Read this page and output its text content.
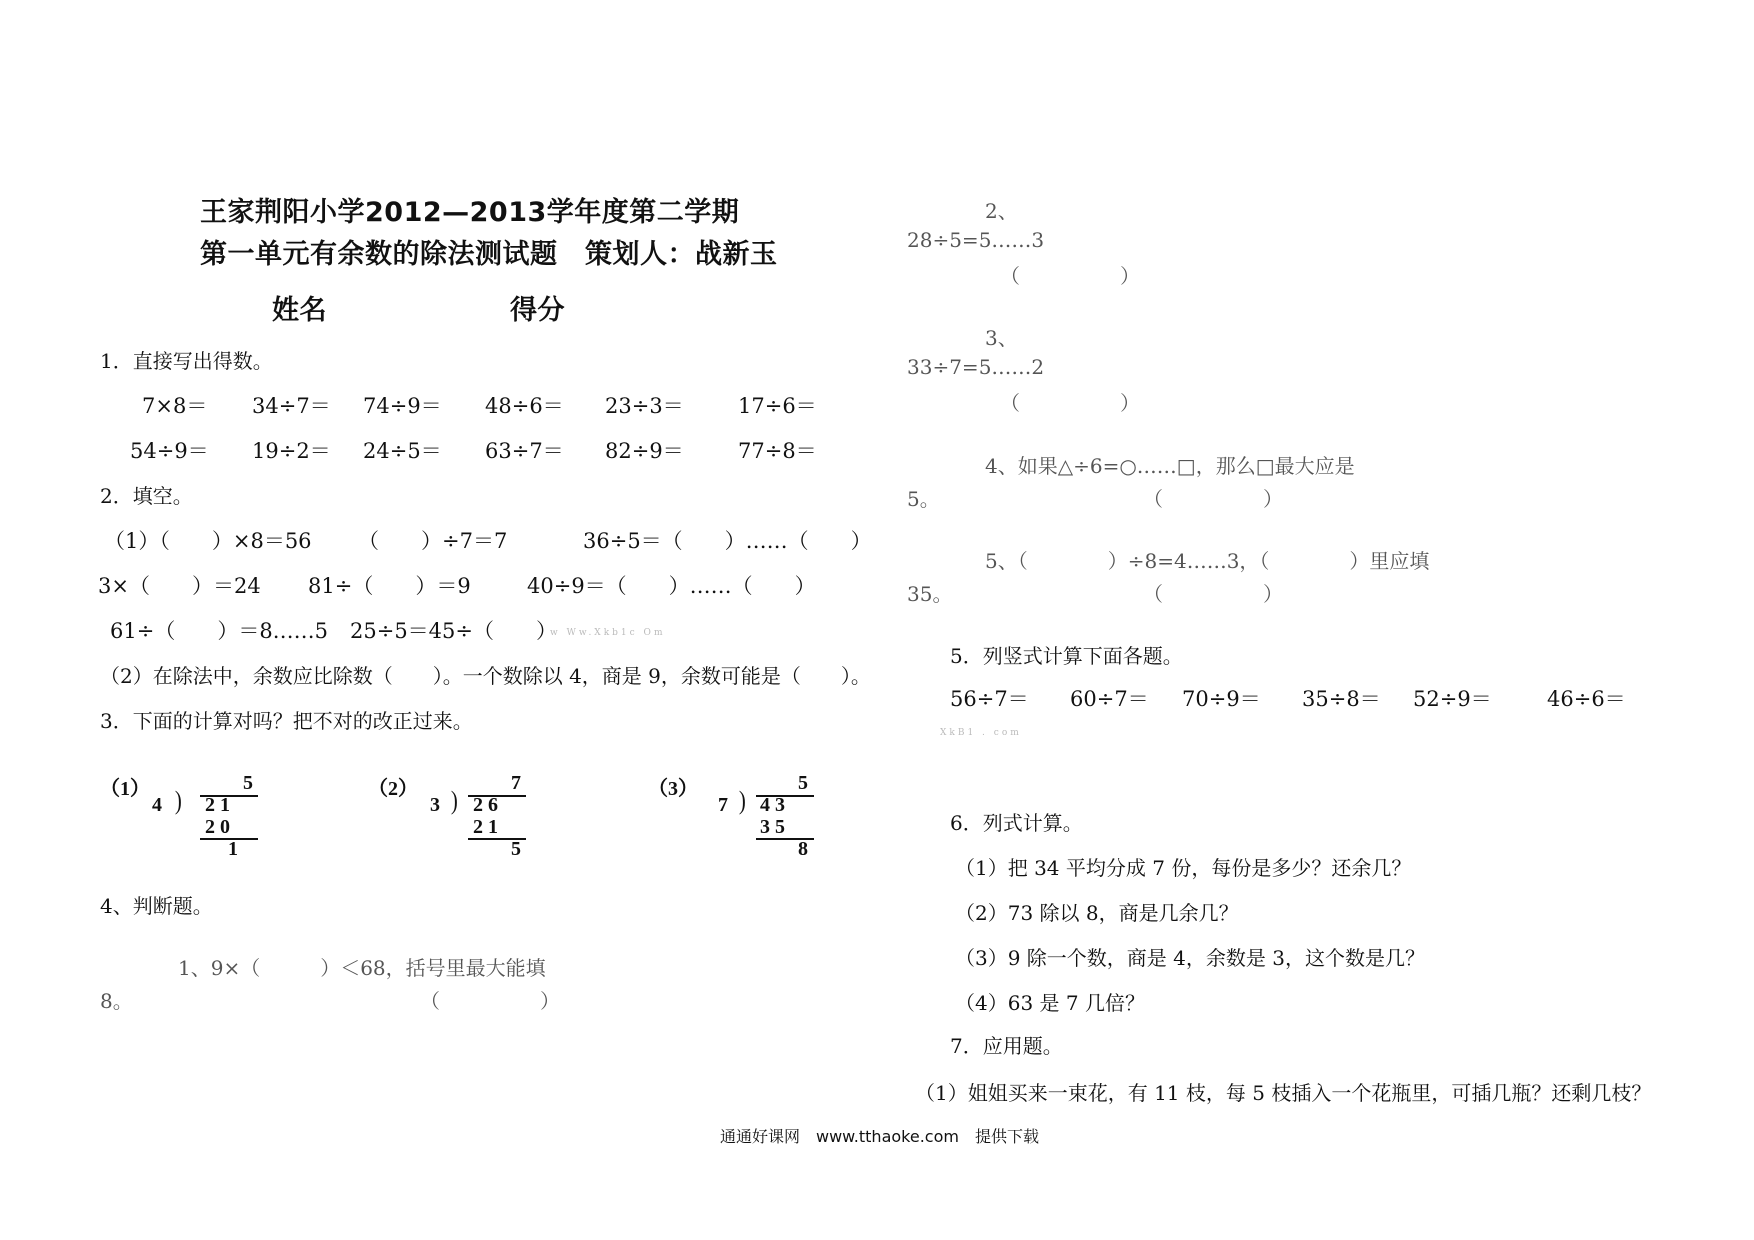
王家荆阳小学2012—2013学年度第二学期
第一单元有余数的除法测试题　策划人：战新玉
姓名	得分
1．直接写出得数。
7×8＝ 34÷7＝ 74÷9＝ 48÷6＝ 23÷3＝	17÷6＝
54÷9＝ 19÷2＝ 24÷5＝ 63÷7＝ 82÷9＝	77÷8＝
2．填空。
（1）（　　）×8＝56 （　　）÷7＝7	36÷5＝（　　）……（　　）
3×（　　）＝24 81÷（　　）＝9	40÷9＝（　　）……（　　）
61÷（　　）＝8……5 25÷5＝45÷（　　）
w Ww.Xkb1c Om
（2）在除法中，余数应比除数（　　）。一个数除以 4，商是 9，余数可能是（　　）。
3．下面的计算对吗？把不对的改正过来。
（1）	5
4 ) 2 1
2 0
1
（2）	7
3 ) 2 6
2 1
5
（3）	5
7 ) 4 3
3 5
8
4、判断题。
1、9×（　　　）＜68，括号里最大能填
8。	（　　　　　）
2、
28÷5=5……3
（　　　　　）
3、
33÷7=5……2
（　　　　　）
4、如果△÷6=○……□，那么□最大应是
5。	（　　　　　）
5、（　　　　）÷8=4……3，（　　　　）里应填
35。	（　　　　　）
5．列竖式计算下面各题。
56÷7＝ 60÷7＝ 70÷9＝ 35÷8＝ 52÷9＝	46÷6＝
XkB1 . com
6．列式计算。
（1）把 34 平均分成 7 份，每份是多少？还余几？
（2）73 除以 8，商是几余几？
（3）9 除一个数，商是 4，余数是 3，这个数是几？
（4）63 是 7 几倍？
7．应用题。
（1）姐姐买来一束花，有 11 枝，每 5 枝插入一个花瓶里，可插几瓶？还剩几枝？
通通好课网　www.tthaoke.com　提供下载
